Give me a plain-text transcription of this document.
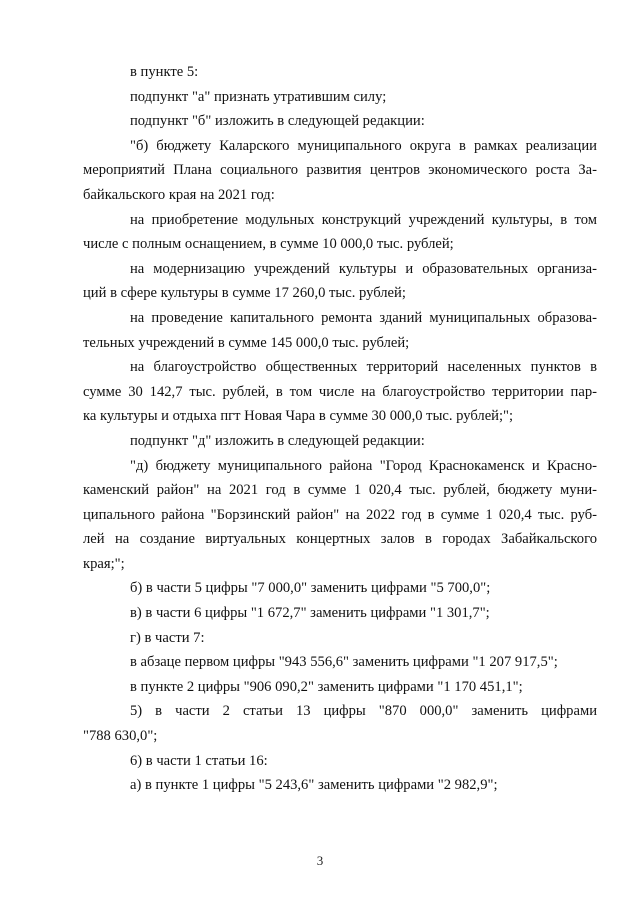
в пункте 5:
подпункт "а" признать утратившим силу;
подпункт "б" изложить в следующей редакции:
"б) бюджету Каларского муниципального округа в рамках реализации
мероприятий Плана социального развития центров экономического роста За-
байкальского края на 2021 год:
на приобретение модульных конструкций учреждений культуры, в том
числе с полным оснащением, в сумме 10 000,0 тыс. рублей;
на модернизацию учреждений культуры и образовательных организа-
ций в сфере культуры в сумме 17 260,0 тыс. рублей;
на проведение капитального ремонта зданий муниципальных образова-
тельных учреждений в сумме 145 000,0 тыс. рублей;
на благоустройство общественных территорий населенных пунктов в
сумме 30 142,7 тыс. рублей, в том числе на благоустройство территории пар-
ка культуры и отдыха пгт Новая Чара в сумме 30 000,0 тыс. рублей;";
подпункт "д" изложить в следующей редакции:
"д) бюджету муниципального района "Город Краснокаменск и Красно-
каменский район" на 2021 год в сумме 1 020,4 тыс. рублей, бюджету муни-
ципального района "Борзинский район" на 2022 год в сумме 1 020,4 тыс. руб-
лей на создание виртуальных концертных залов в городах Забайкальского
края;";
б) в части 5 цифры "7 000,0" заменить цифрами "5 700,0";
в) в части 6 цифры "1 672,7" заменить цифрами "1 301,7";
г) в части 7:
в абзаце первом цифры "943 556,6" заменить цифрами "1 207 917,5";
в пункте 2 цифры "906 090,2" заменить цифрами "1 170 451,1";
5) в части 2 статьи 13 цифры "870 000,0" заменить цифрами
"788 630,0";
6) в части 1 статьи 16:
а) в пункте 1 цифры "5 243,6" заменить цифрами "2 982,9";
3
